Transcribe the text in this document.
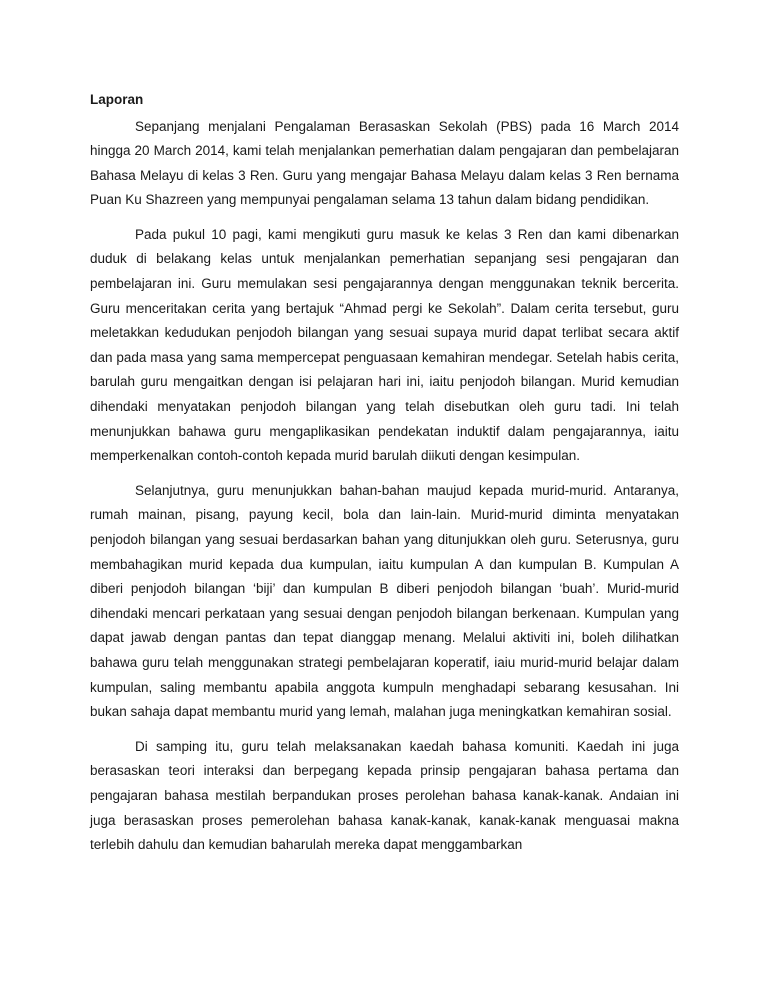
Laporan

Sepanjang menjalani Pengalaman Berasaskan Sekolah (PBS) pada 16 March 2014 hingga 20 March 2014, kami telah menjalankan pemerhatian dalam pengajaran dan pembelajaran Bahasa Melayu di kelas 3 Ren. Guru yang mengajar Bahasa Melayu dalam kelas 3 Ren bernama Puan Ku Shazreen yang mempunyai pengalaman selama 13 tahun dalam bidang pendidikan.

Pada pukul 10 pagi, kami mengikuti guru masuk ke kelas 3 Ren dan kami dibenarkan duduk di belakang kelas untuk menjalankan pemerhatian sepanjang sesi pengajaran dan pembelajaran ini. Guru memulakan sesi pengajarannya dengan menggunakan teknik bercerita. Guru menceritakan cerita yang bertajuk “Ahmad pergi ke Sekolah”. Dalam cerita tersebut, guru meletakkan kedudukan penjodoh bilangan yang sesuai supaya murid dapat terlibat secara aktif dan pada masa yang sama mempercepat penguasaan kemahiran mendegar. Setelah habis cerita, barulah guru mengaitkan dengan isi pelajaran hari ini, iaitu penjodoh bilangan. Murid kemudian dihendaki menyatakan penjodoh bilangan yang telah disebutkan oleh guru tadi. Ini telah menunjukkan bahawa guru mengaplikasikan pendekatan induktif dalam pengajarannya, iaitu memperkenalkan contoh-contoh kepada murid barulah diikuti dengan kesimpulan.

Selanjutnya, guru menunjukkan bahan-bahan maujud kepada murid-murid. Antaranya, rumah mainan, pisang, payung kecil, bola dan lain-lain. Murid-murid diminta menyatakan penjodoh bilangan yang sesuai berdasarkan bahan yang ditunjukkan oleh guru. Seterusnya, guru membahagikan murid kepada dua kumpulan, iaitu kumpulan A dan kumpulan B. Kumpulan A diberi penjodoh bilangan ‘biji’ dan kumpulan B diberi penjodoh bilangan ‘buah’. Murid-murid dihendaki mencari perkataan yang sesuai dengan penjodoh bilangan berkenaan. Kumpulan yang dapat jawab dengan pantas dan tepat dianggap menang. Melalui aktiviti ini, boleh dilihatkan bahawa guru telah menggunakan strategi pembelajaran koperatif, iaiu murid-murid belajar dalam kumpulan, saling membantu apabila anggota kumpuln menghadapi sebarang kesusahan. Ini bukan sahaja dapat membantu murid yang lemah, malahan juga meningkatkan kemahiran sosial.

Di samping itu, guru telah melaksanakan kaedah bahasa komuniti. Kaedah ini juga berasaskan teori interaksi dan berpegang kepada prinsip pengajaran bahasa pertama dan pengajaran bahasa mestilah berpandukan proses perolehan bahasa kanak-kanak. Andaian ini juga berasaskan proses pemerolehan bahasa kanak-kanak, kanak-kanak menguasai makna terlebih dahulu dan kemudian baharulah mereka dapat menggambarkan
